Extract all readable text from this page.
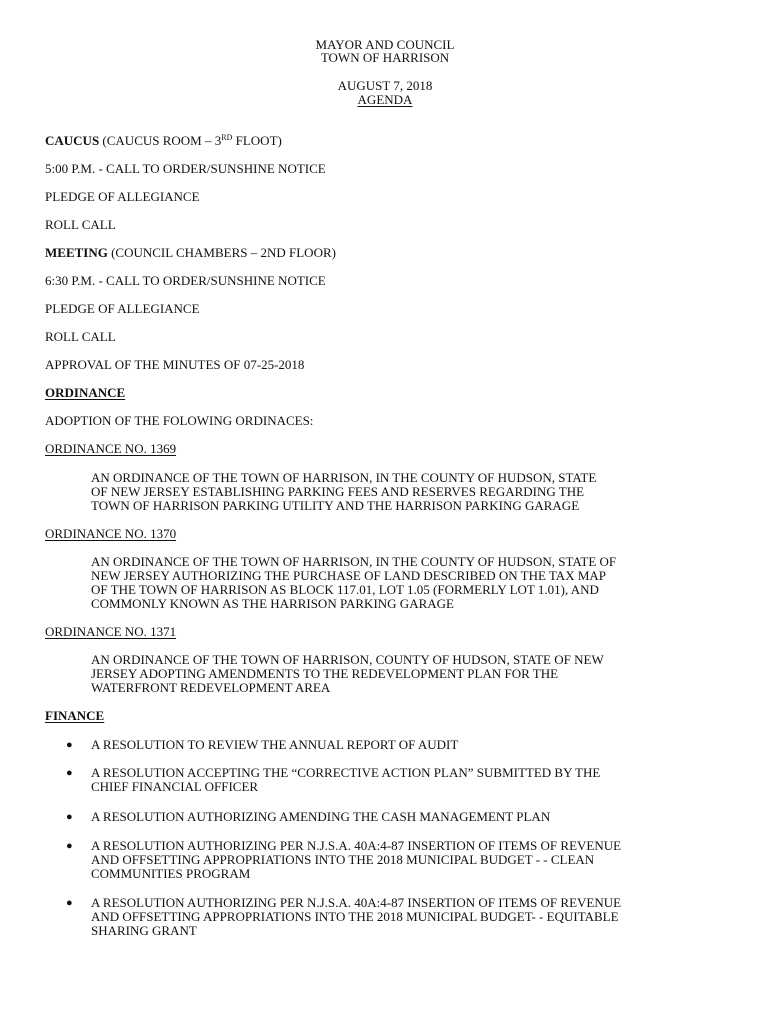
MAYOR AND COUNCIL
TOWN OF HARRISON
AUGUST 7, 2018
AGENDA
CAUCUS (CAUCUS ROOM – 3RD FLOOT)
5:00 P.M. - CALL TO ORDER/SUNSHINE NOTICE
PLEDGE OF ALLEGIANCE
ROLL CALL
MEETING (COUNCIL CHAMBERS – 2ND FLOOR)
6:30 P.M. - CALL TO ORDER/SUNSHINE NOTICE
PLEDGE OF ALLEGIANCE
ROLL CALL
APPROVAL OF THE MINUTES OF 07-25-2018
ORDINANCE
ADOPTION OF THE FOLOWING ORDINACES:
ORDINANCE NO. 1369
AN ORDINANCE OF THE TOWN OF HARRISON, IN THE COUNTY OF HUDSON, STATE
OF NEW JERSEY ESTABLISHING PARKING FEES AND RESERVES REGARDING THE
TOWN OF HARRISON PARKING UTILITY AND THE HARRISON PARKING GARAGE
ORDINANCE NO. 1370
AN ORDINANCE OF THE TOWN OF HARRISON, IN THE COUNTY OF HUDSON, STATE OF
NEW JERSEY AUTHORIZING THE PURCHASE OF LAND DESCRIBED ON THE TAX MAP
OF THE TOWN OF HARRISON AS BLOCK 117.01, LOT 1.05 (FORMERLY LOT 1.01), AND
COMMONLY KNOWN AS THE HARRISON PARKING GARAGE
ORDINANCE NO. 1371
AN ORDINANCE OF THE TOWN OF HARRISON, COUNTY OF HUDSON, STATE OF NEW
JERSEY ADOPTING AMENDMENTS TO THE REDEVELOPMENT PLAN FOR THE
WATERFRONT REDEVELOPMENT AREA
FINANCE
● A RESOLUTION TO REVIEW THE ANNUAL REPORT OF AUDIT
● A RESOLUTION ACCEPTING THE “CORRECTIVE ACTION PLAN” SUBMITTED BY THE
CHIEF FINANCIAL OFFICER
● A RESOLUTION AUTHORIZING AMENDING THE CASH MANAGEMENT PLAN
● A RESOLUTION AUTHORIZING PER N.J.S.A. 40A:4-87 INSERTION OF ITEMS OF REVENUE
AND OFFSETTING APPROPRIATIONS INTO THE 2018 MUNICIPAL BUDGET - - CLEAN
COMMUNITIES PROGRAM
● A RESOLUTION AUTHORIZING PER N.J.S.A. 40A:4-87 INSERTION OF ITEMS OF REVENUE
AND OFFSETTING APPROPRIATIONS INTO THE 2018 MUNICIPAL BUDGET- - EQUITABLE
SHARING GRANT
